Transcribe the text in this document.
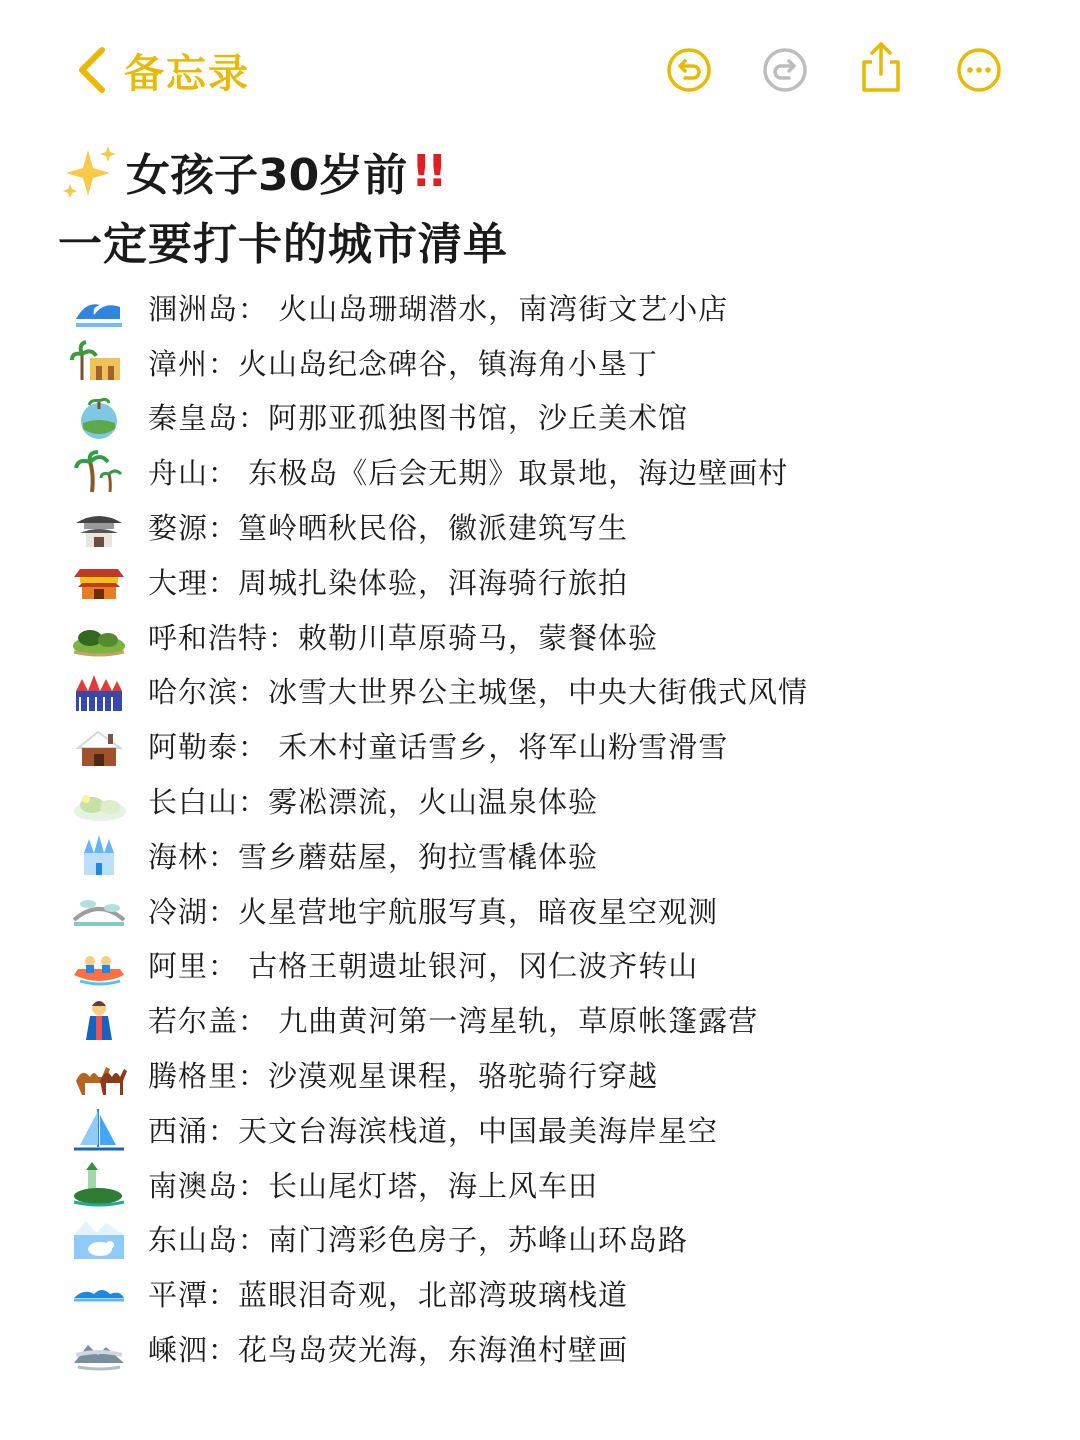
备忘录
女孩子30岁前 !!
一定要打卡的城市清单
涠洲岛： 火山岛珊瑚潜水，南湾街文艺小店
漳州：火山岛纪念碑谷，镇海角小垦丁
秦皇岛：阿那亚孤独图书馆，沙丘美术馆
舟山： 东极岛《后会无期》取景地，海边壁画村
婺源：篁岭晒秋民俗，徽派建筑写生
大理：周城扎染体验，洱海骑行旅拍
呼和浩特：敕勒川草原骑马，蒙餐体验
哈尔滨：冰雪大世界公主城堡，中央大街俄式风情
阿勒泰： 禾木村童话雪乡，将军山粉雪滑雪
长白山：雾凇漂流，火山温泉体验
海林：雪乡蘑菇屋，狗拉雪橇体验
冷湖：火星营地宇航服写真，暗夜星空观测
阿里： 古格王朝遗址银河，冈仁波齐转山
若尔盖： 九曲黄河第一湾星轨，草原帐篷露营
腾格里：沙漠观星课程，骆驼骑行穿越
西涌：天文台海滨栈道，中国最美海岸星空
南澳岛：长山尾灯塔，海上风车田
东山岛：南门湾彩色房子，苏峰山环岛路
平潭：蓝眼泪奇观，北部湾玻璃栈道
嵊泗：花鸟岛荧光海，东海渔村壁画
